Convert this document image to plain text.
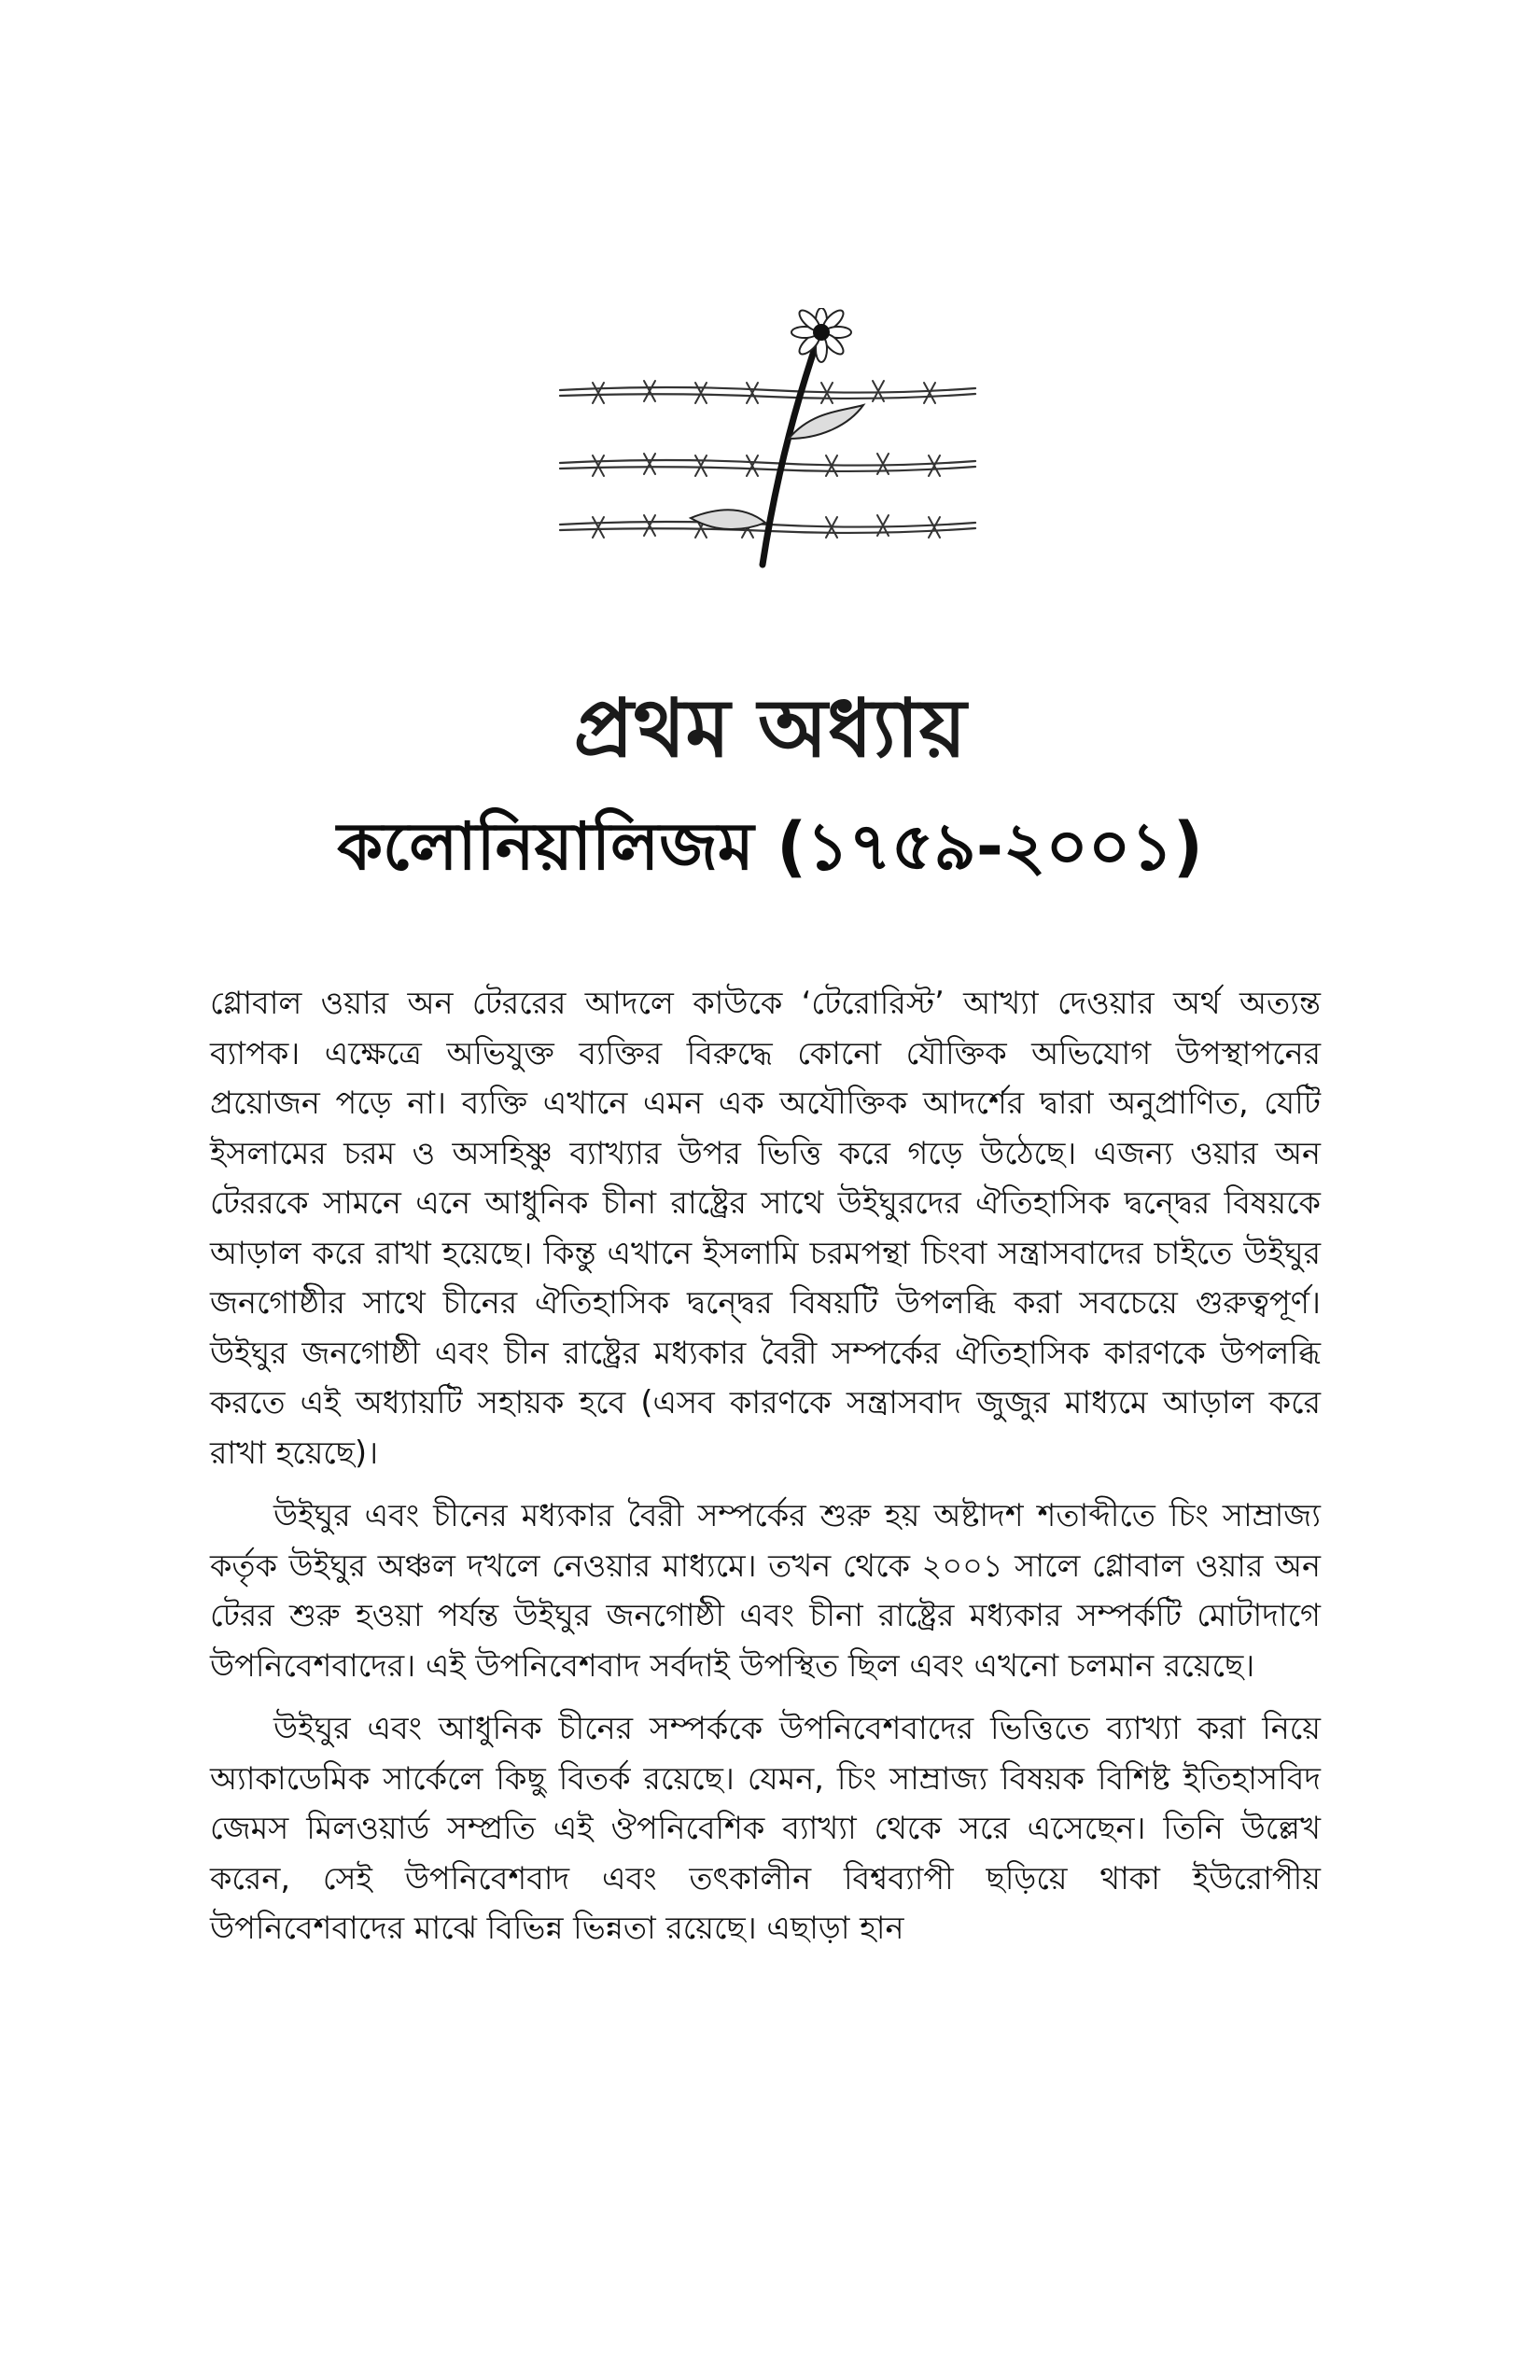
প্রথম অধ্যায়
কলোনিয়ালিজম (১৭৫৯-২০০১)

গ্লোবাল ওয়ার অন টেররের আদলে কাউকে ‘টেরোরিস্ট’ আখ্যা দেওয়ার অর্থ অত্যন্ত ব্যাপক। এক্ষেত্রে অভিযুক্ত ব্যক্তির বিরুদ্ধে কোনো যৌক্তিক অভিযোগ উপস্থাপনের প্রয়োজন পড়ে না। ব্যক্তি এখানে এমন এক অযৌক্তিক আদর্শের দ্বারা অনুপ্রাণিত, যেটি ইসলামের চরম ও অসহিষ্ণু ব্যাখ্যার উপর ভিত্তি করে গড়ে উঠেছে। এজন্য ওয়ার অন টেররকে সামনে এনে আধুনিক চীনা রাষ্ট্রের সাথে উইঘুরদের ঐতিহাসিক দ্বন্দ্বের বিষয়কে আড়াল করে রাখা হয়েছে। কিন্তু এখানে ইসলামি চরমপন্থা চিংবা সন্ত্রাসবাদের চাইতে উইঘুর জনগোষ্ঠীর সাথে চীনের ঐতিহাসিক দ্বন্দ্বের বিষয়টি উপলব্ধি করা সবচেয়ে গুরুত্বপূর্ণ। উইঘুর জনগোষ্ঠী এবং চীন রাষ্ট্রের মধ্যকার বৈরী সম্পর্কের ঐতিহাসিক কারণকে উপলব্ধি করতে এই অধ্যায়টি সহায়ক হবে (এসব কারণকে সন্ত্রাসবাদ জুজুর মাধ্যমে আড়াল করে রাখা হয়েছে)।

উইঘুর এবং চীনের মধ্যকার বৈরী সম্পর্কের শুরু হয় অষ্টাদশ শতাব্দীতে চিং সাম্রাজ্য কর্তৃক উইঘুর অঞ্চল দখলে নেওয়ার মাধ্যমে। তখন থেকে ২০০১ সালে গ্লোবাল ওয়ার অন টেরর শুরু হওয়া পর্যন্ত উইঘুর জনগোষ্ঠী এবং চীনা রাষ্ট্রের মধ্যকার সম্পর্কটি মোটাদাগে উপনিবেশবাদের। এই উপনিবেশবাদ সর্বদাই উপস্থিত ছিল এবং এখনো চলমান রয়েছে।

উইঘুর এবং আধুনিক চীনের সম্পর্ককে উপনিবেশবাদের ভিত্তিতে ব্যাখ্যা করা নিয়ে অ্যাকাডেমিক সার্কেলে কিছু বিতর্ক রয়েছে। যেমন, চিং সাম্রাজ্য বিষয়ক বিশিষ্ট ইতিহাসবিদ জেমস মিলওয়ার্ড সম্প্রতি এই ঔপনিবেশিক ব্যাখ্যা থেকে সরে এসেছেন। তিনি উল্লেখ করেন, সেই উপনিবেশবাদ এবং তৎকালীন বিশ্বব্যাপী ছড়িয়ে থাকা ইউরোপীয় উপনিবেশবাদের মাঝে বিভিন্ন ভিন্নতা রয়েছে। এছাড়া হান
